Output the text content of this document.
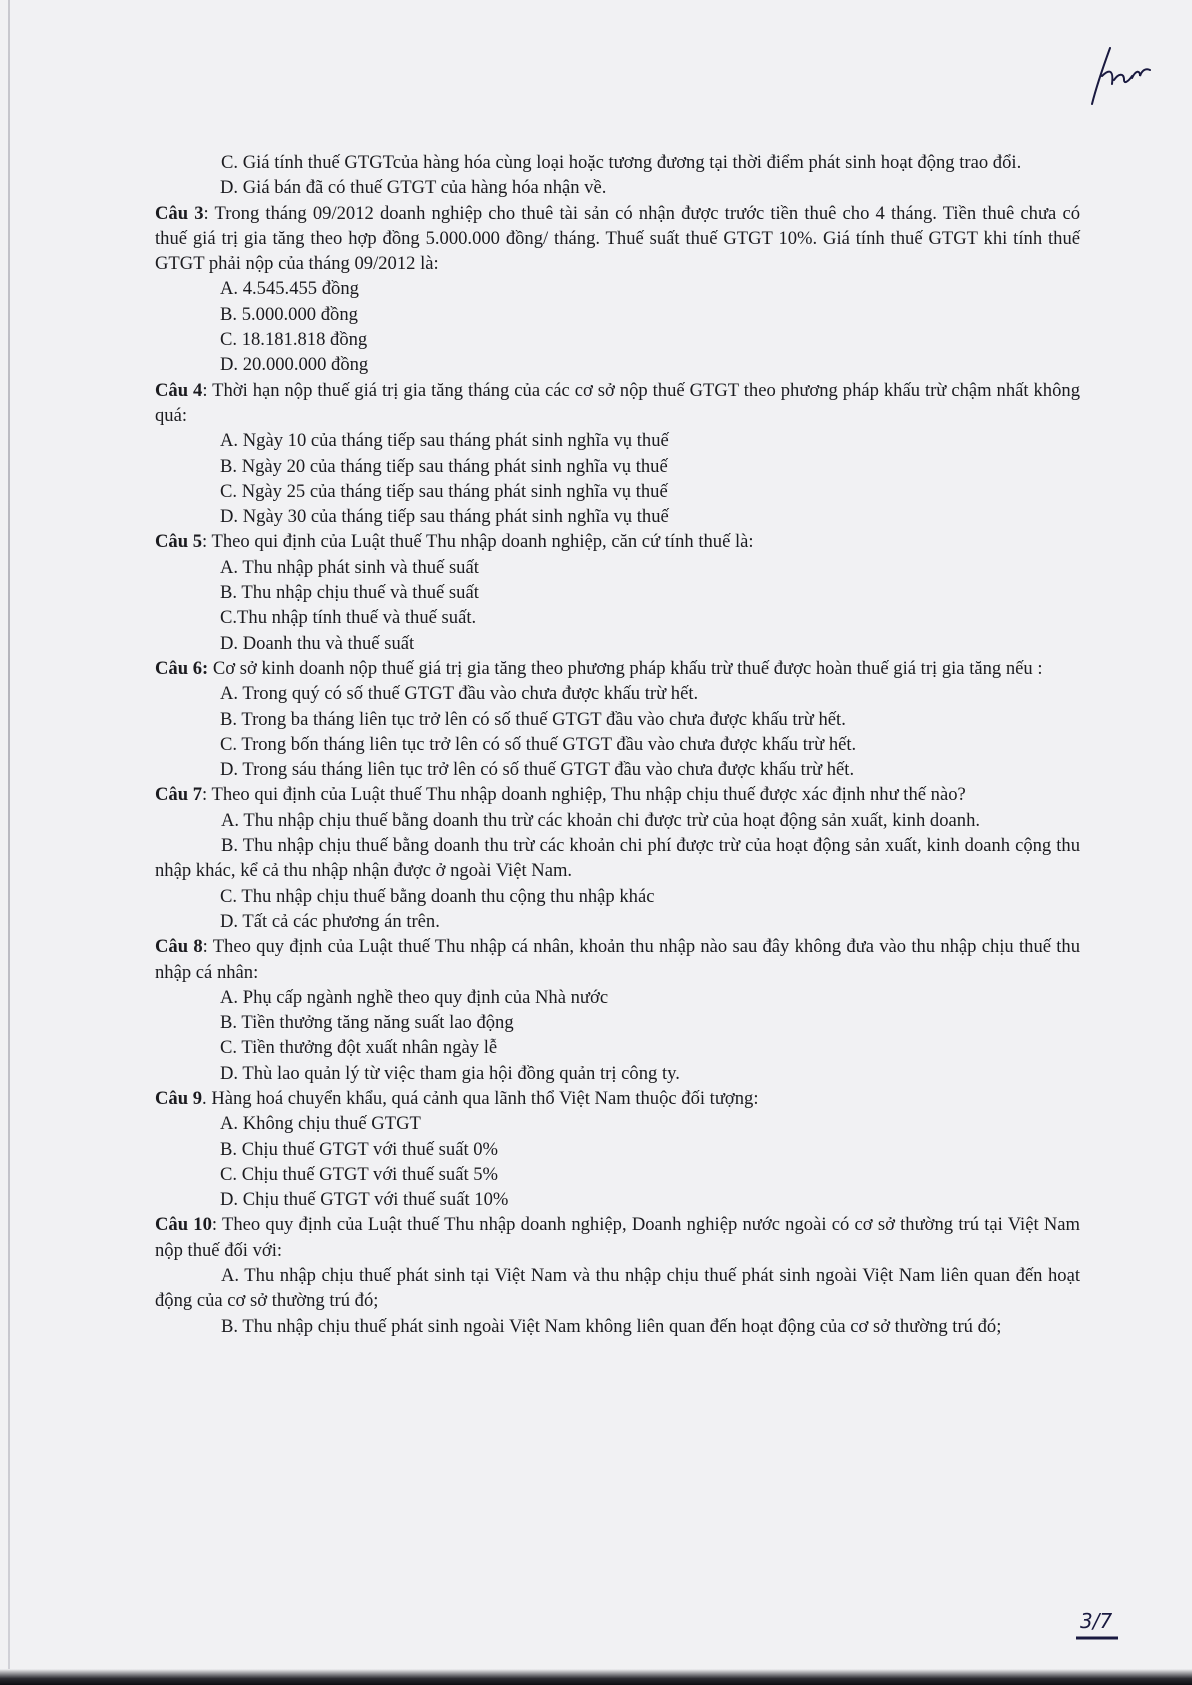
C. Giá tính thuế GTGTcủa hàng hóa cùng loại hoặc tương đương tại thời điểm phát sinh hoạt động trao đổi.

D. Giá bán đã có thuế GTGT của hàng hóa nhận về.

Câu 3: Trong tháng 09/2012 doanh nghiệp cho thuê tài sản có nhận được trước tiền thuê cho 4 tháng. Tiền thuê chưa có thuế giá trị gia tăng theo hợp đồng 5.000.000 đồng/ tháng. Thuế suất thuế GTGT 10%. Giá tính thuế GTGT khi tính thuế GTGT phải nộp của tháng 09/2012 là:

A. 4.545.455 đồng

B. 5.000.000 đồng

C. 18.181.818 đồng

D. 20.000.000 đồng

Câu 4: Thời hạn nộp thuế giá trị gia tăng tháng của các cơ sở nộp thuế GTGT theo phương pháp khấu trừ chậm nhất không quá:

A. Ngày 10 của tháng tiếp sau tháng phát sinh nghĩa vụ thuế

B. Ngày 20 của tháng tiếp sau tháng phát sinh nghĩa vụ thuế

C. Ngày 25 của tháng tiếp sau tháng phát sinh nghĩa vụ thuế

D. Ngày 30 của tháng tiếp sau tháng phát sinh nghĩa vụ thuế

Câu 5: Theo qui định của Luật thuế Thu nhập doanh nghiệp, căn cứ tính thuế là:

A. Thu nhập phát sinh và thuế suất

B. Thu nhập chịu thuế và thuế suất

C.Thu nhập tính thuế và thuế suất.

D. Doanh thu và thuế suất

Câu 6: Cơ sở kinh doanh nộp thuế giá trị gia tăng theo phương pháp khấu trừ thuế được hoàn thuế giá trị gia tăng nếu :

A. Trong quý có số thuế GTGT đầu vào chưa được khấu trừ hết.

B. Trong ba tháng liên tục trở lên có số thuế GTGT đầu vào chưa được khấu trừ hết.

C. Trong bốn tháng liên tục trở lên có số thuế GTGT đầu vào chưa được khấu trừ hết.

D. Trong sáu tháng liên tục trở lên có số thuế GTGT đầu vào chưa được khấu trừ hết.

Câu 7: Theo qui định của Luật thuế Thu nhập doanh nghiệp, Thu nhập chịu thuế được xác định như thế nào?

A. Thu nhập chịu thuế bằng doanh thu trừ các khoản chi được trừ của hoạt động sản xuất, kinh doanh.

B. Thu nhập chịu thuế bằng doanh thu trừ các khoản chi phí được trừ của hoạt động sản xuất, kinh doanh cộng thu nhập khác, kể cả thu nhập nhận được ở ngoài Việt Nam.

C. Thu nhập chịu thuế bằng doanh thu cộng thu nhập khác

D. Tất cả các phương án trên.

Câu 8: Theo quy định của Luật thuế Thu nhập cá nhân, khoản thu nhập nào sau đây không đưa vào thu nhập chịu thuế thu nhập cá nhân:

A. Phụ cấp ngành nghề theo quy định của Nhà nước

B. Tiền thưởng tăng năng suất lao động

C. Tiền thưởng đột xuất nhân ngày lễ

D. Thù lao quản lý từ việc tham gia hội đồng quản trị công ty.

Câu 9. Hàng hoá chuyển khẩu, quá cảnh qua lãnh thổ Việt Nam thuộc đối tượng:

A. Không chịu thuế GTGT

B. Chịu thuế GTGT với thuế suất 0%

C. Chịu thuế GTGT với thuế suất 5%

D. Chịu thuế GTGT với thuế suất 10%

Câu 10: Theo quy định của Luật thuế Thu nhập doanh nghiệp, Doanh nghiệp nước ngoài có cơ sở thường trú tại Việt Nam nộp thuế đối với:

A. Thu nhập chịu thuế phát sinh tại Việt Nam và thu nhập chịu thuế phát sinh ngoài Việt Nam liên quan đến hoạt động của cơ sở thường trú đó;

B. Thu nhập chịu thuế phát sinh ngoài Việt Nam không liên quan đến hoạt động của cơ sở thường trú đó;

3/7
